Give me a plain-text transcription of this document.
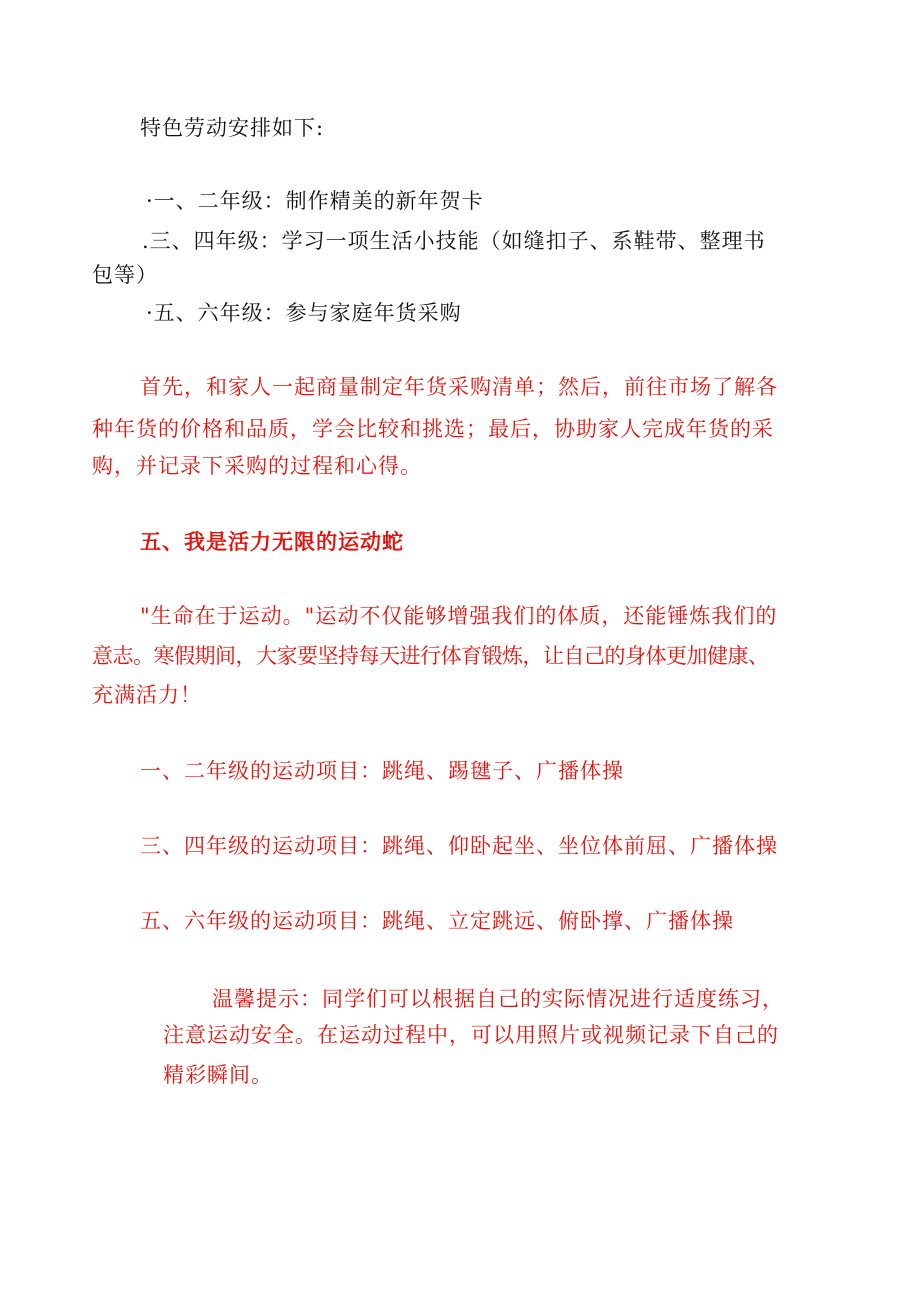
特色劳动安排如下:
·一、二年级：制作精美的新年贺卡
.三、四年级：学习一项生活小技能（如缝扣子、系鞋带、整理书
包等）
·五、六年级：参与家庭年货采购
首先，和家人一起商量制定年货采购清单；然后，前往市场了解各
种年货的价格和品质，学会比较和挑选；最后，协助家人完成年货的采
购，并记录下采购的过程和心得。
五、我是活力无限的运动蛇
"生命在于运动。"运动不仅能够增强我们的体质，还能锤炼我们的
意志。寒假期间，大家要坚持每天进行体育锻炼，让自己的身体更加健康、
充满活力！
一、二年级的运动项目：跳绳、踢毽子、广播体操
三、四年级的运动项目：跳绳、仰卧起坐、坐位体前屈、广播体操
五、六年级的运动项目：跳绳、立定跳远、俯卧撑、广播体操
温馨提示：同学们可以根据自己的实际情况进行适度练习，
注意运动安全。在运动过程中，可以用照片或视频记录下自己的
精彩瞬间。
